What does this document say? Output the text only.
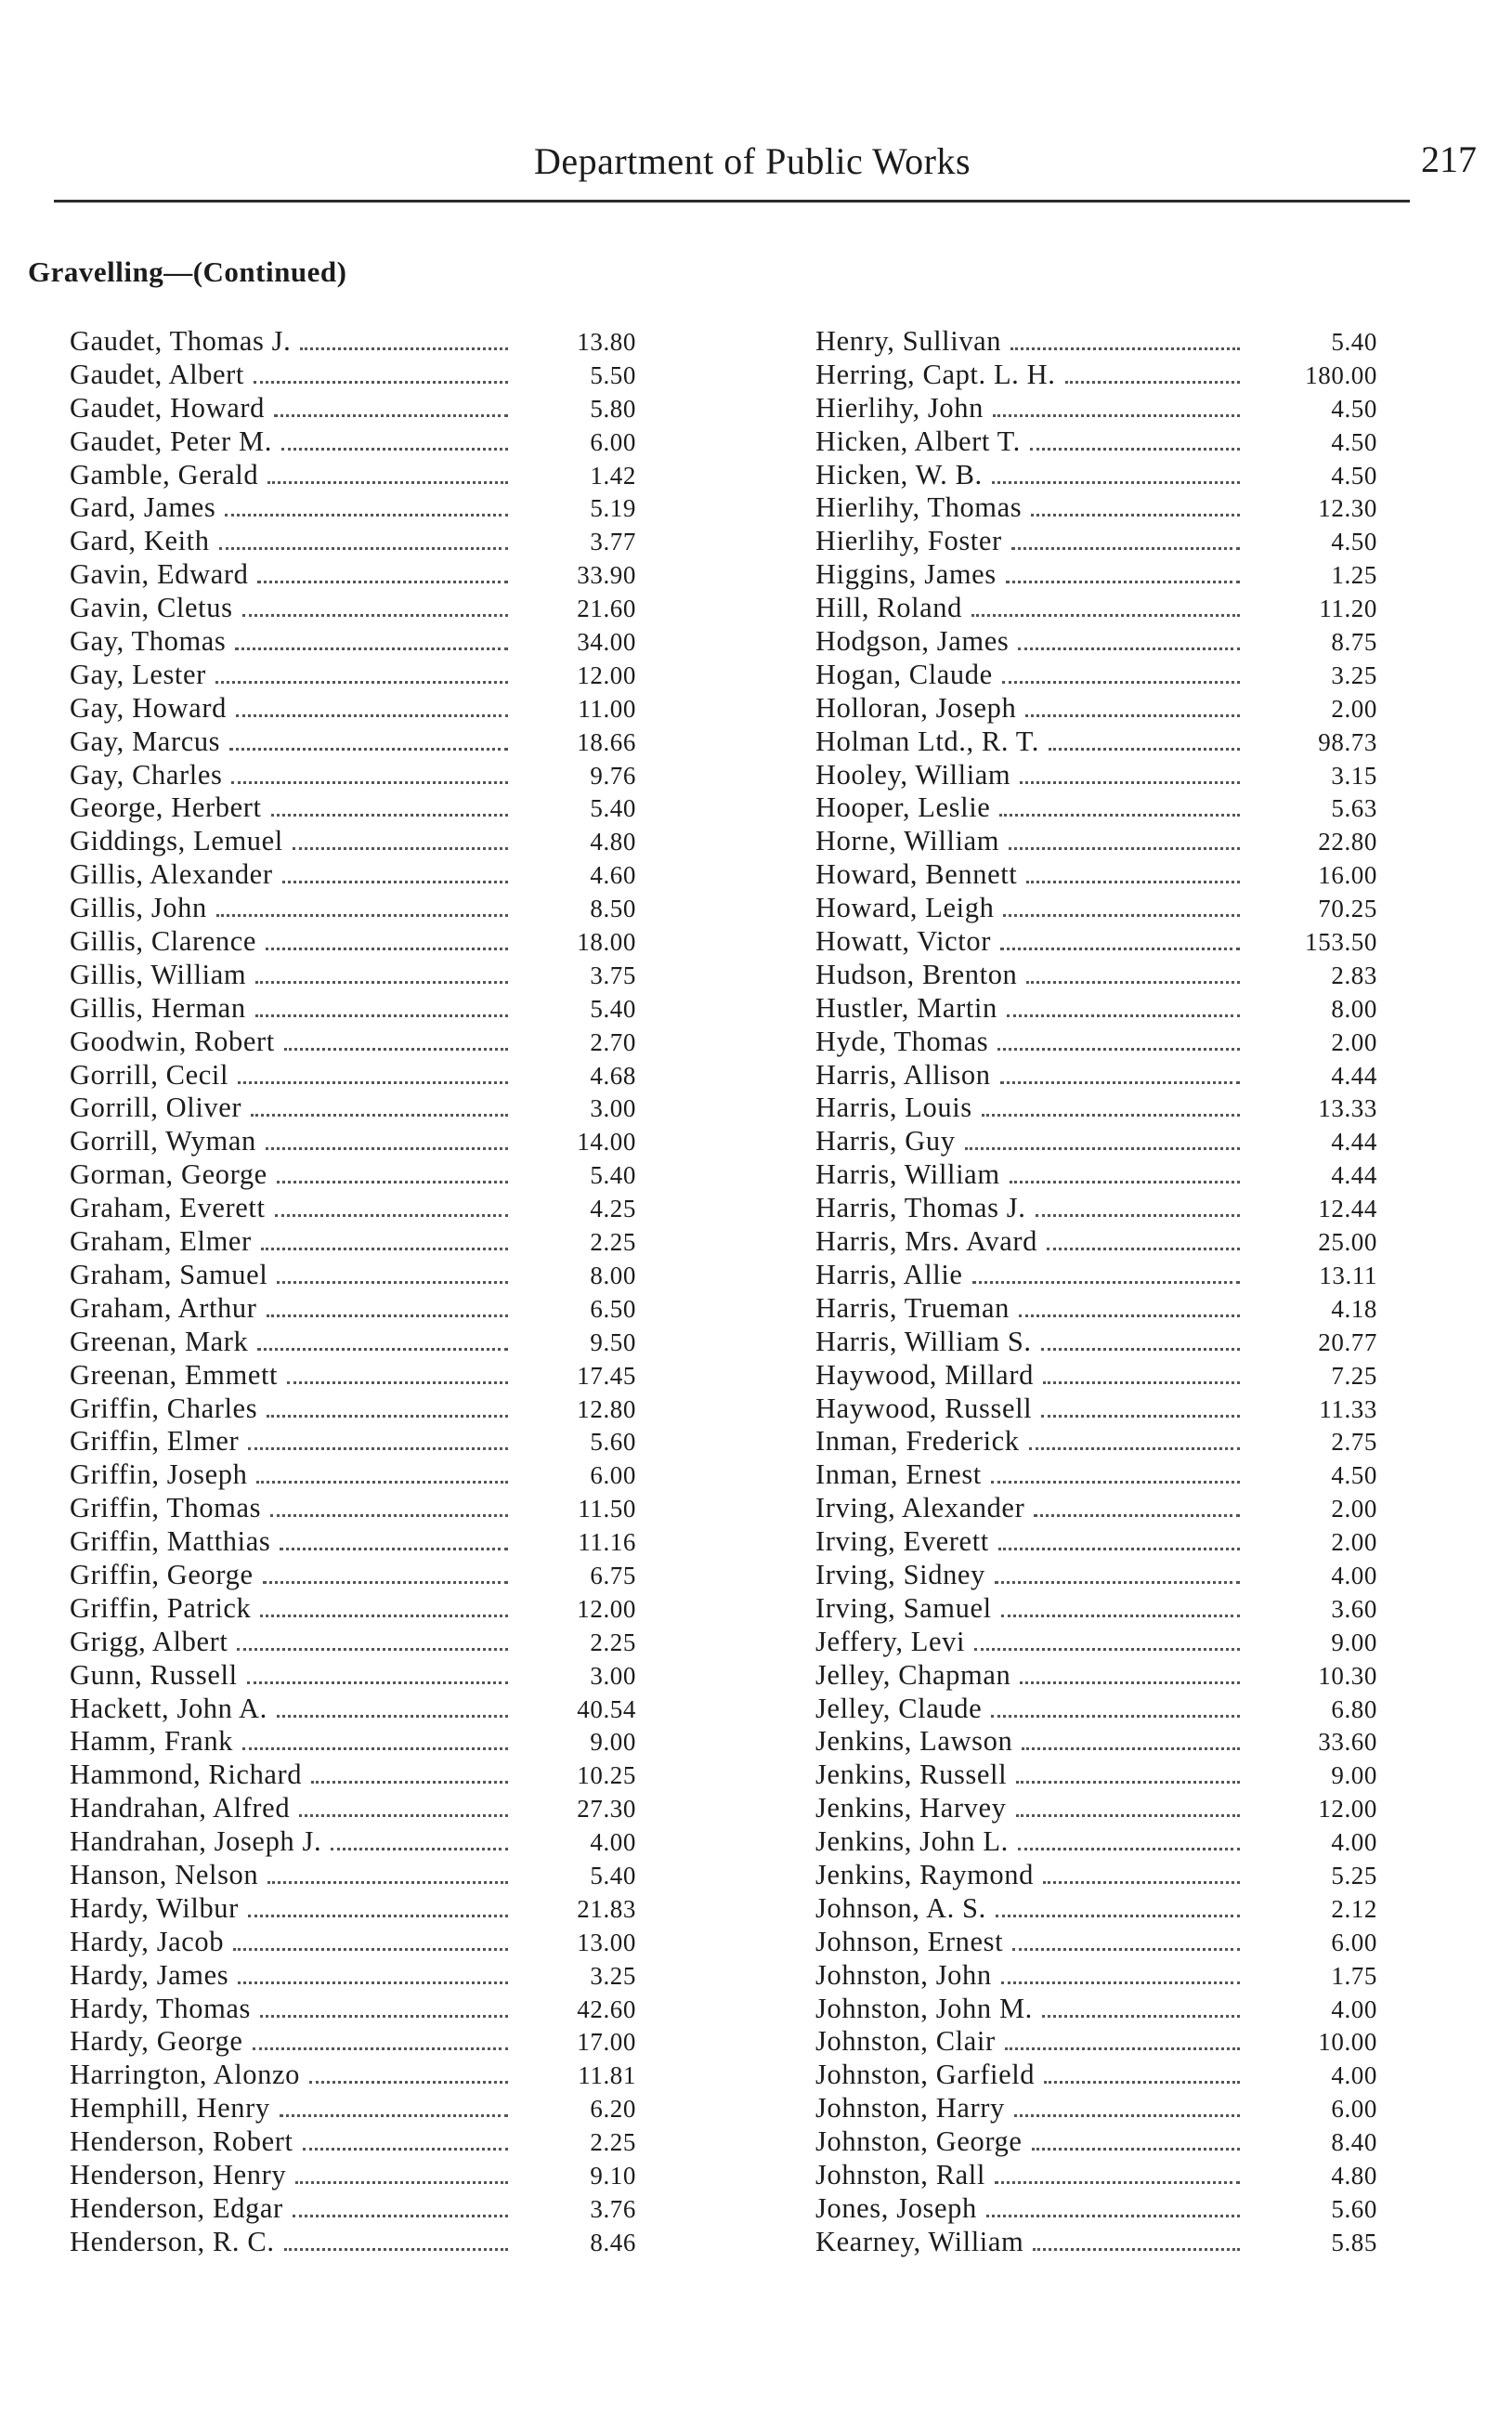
Department of Public Works	217
Gravelling—(Continued)
Gaudet, Thomas J.	13.80
Gaudet, Albert	5.50
Gaudet, Howard	5.80
Gaudet, Peter M.	6.00
Gamble, Gerald	1.42
Gard, James	5.19
Gard, Keith	3.77
Gavin, Edward	33.90
Gavin, Cletus	21.60
Gay, Thomas	34.00
Gay, Lester	12.00
Gay, Howard	11.00
Gay, Marcus	18.66
Gay, Charles	9.76
George, Herbert	5.40
Giddings, Lemuel	4.80
Gillis, Alexander	4.60
Gillis, John	8.50
Gillis, Clarence	18.00
Gillis, William	3.75
Gillis, Herman	5.40
Goodwin, Robert	2.70
Gorrill, Cecil	4.68
Gorrill, Oliver	3.00
Gorrill, Wyman	14.00
Gorman, George	5.40
Graham, Everett	4.25
Graham, Elmer	2.25
Graham, Samuel	8.00
Graham, Arthur	6.50
Greenan, Mark	9.50
Greenan, Emmett	17.45
Griffin, Charles	12.80
Griffin, Elmer	5.60
Griffin, Joseph	6.00
Griffin, Thomas	11.50
Griffin, Matthias	11.16
Griffin, George	6.75
Griffin, Patrick	12.00
Grigg, Albert	2.25
Gunn, Russell	3.00
Hackett, John A.	40.54
Hamm, Frank	9.00
Hammond, Richard	10.25
Handrahan, Alfred	27.30
Handrahan, Joseph J.	4.00
Hanson, Nelson	5.40
Hardy, Wilbur	21.83
Hardy, Jacob	13.00
Hardy, James	3.25
Hardy, Thomas	42.60
Hardy, George	17.00
Harrington, Alonzo	11.81
Hemphill, Henry	6.20
Henderson, Robert	2.25
Henderson, Henry	9.10
Henderson, Edgar	3.76
Henderson, R. C.	8.46
Henry, Sullivan	5.40
Herring, Capt. L. H.	180.00
Hierlihy, John	4.50
Hicken, Albert T.	4.50
Hicken, W. B.	4.50
Hierlihy, Thomas	12.30
Hierlihy, Foster	4.50
Higgins, James	1.25
Hill, Roland	11.20
Hodgson, James	8.75
Hogan, Claude	3.25
Holloran, Joseph	2.00
Holman Ltd., R. T.	98.73
Hooley, William	3.15
Hooper, Leslie	5.63
Horne, William	22.80
Howard, Bennett	16.00
Howard, Leigh	70.25
Howatt, Victor	153.50
Hudson, Brenton	2.83
Hustler, Martin	8.00
Hyde, Thomas	2.00
Harris, Allison	4.44
Harris, Louis	13.33
Harris, Guy	4.44
Harris, William	4.44
Harris, Thomas J.	12.44
Harris, Mrs. Avard	25.00
Harris, Allie	13.11
Harris, Trueman	4.18
Harris, William S.	20.77
Haywood, Millard	7.25
Haywood, Russell	11.33
Inman, Frederick	2.75
Inman, Ernest	4.50
Irving, Alexander	2.00
Irving, Everett	2.00
Irving, Sidney	4.00
Irving, Samuel	3.60
Jeffery, Levi	9.00
Jelley, Chapman	10.30
Jelley, Claude	6.80
Jenkins, Lawson	33.60
Jenkins, Russell	9.00
Jenkins, Harvey	12.00
Jenkins, John L.	4.00
Jenkins, Raymond	5.25
Johnson, A. S.	2.12
Johnson, Ernest	6.00
Johnston, John	1.75
Johnston, John M.	4.00
Johnston, Clair	10.00
Johnston, Garfield	4.00
Johnston, Harry	6.00
Johnston, George	8.40
Johnston, Rall	4.80
Jones, Joseph	5.60
Kearney, William	5.85
